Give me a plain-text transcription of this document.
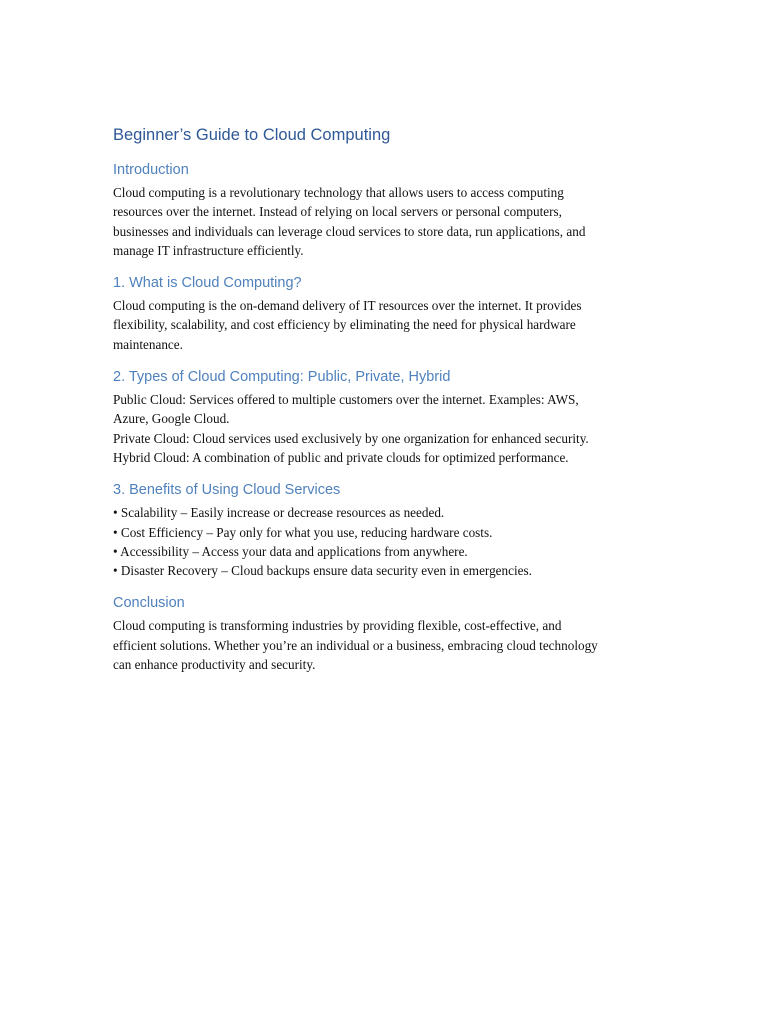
Beginner’s Guide to Cloud Computing
Introduction

Cloud computing is a revolutionary technology that allows users to access computing
resources over the internet. Instead of relying on local servers or personal computers,
businesses and individuals can leverage cloud services to store data, run applications, and
manage IT infrastructure efficiently.

1. What is Cloud Computing?

Cloud computing is the on-demand delivery of IT resources over the internet. It provides
flexibility, scalability, and cost efficiency by eliminating the need for physical hardware
maintenance.

2. Types of Cloud Computing: Public, Private, Hybrid

Public Cloud: Services offered to multiple customers over the internet. Examples: AWS,
Azure, Google Cloud.
Private Cloud: Cloud services used exclusively by one organization for enhanced security.
Hybrid Cloud: A combination of public and private clouds for optimized performance.

3. Benefits of Using Cloud Services

• Scalability – Easily increase or decrease resources as needed.
• Cost Efficiency – Pay only for what you use, reducing hardware costs.
• Accessibility – Access your data and applications from anywhere.
• Disaster Recovery – Cloud backups ensure data security even in emergencies.

Conclusion

Cloud computing is transforming industries by providing flexible, cost-effective, and
efficient solutions. Whether you’re an individual or a business, embracing cloud technology
can enhance productivity and security.
